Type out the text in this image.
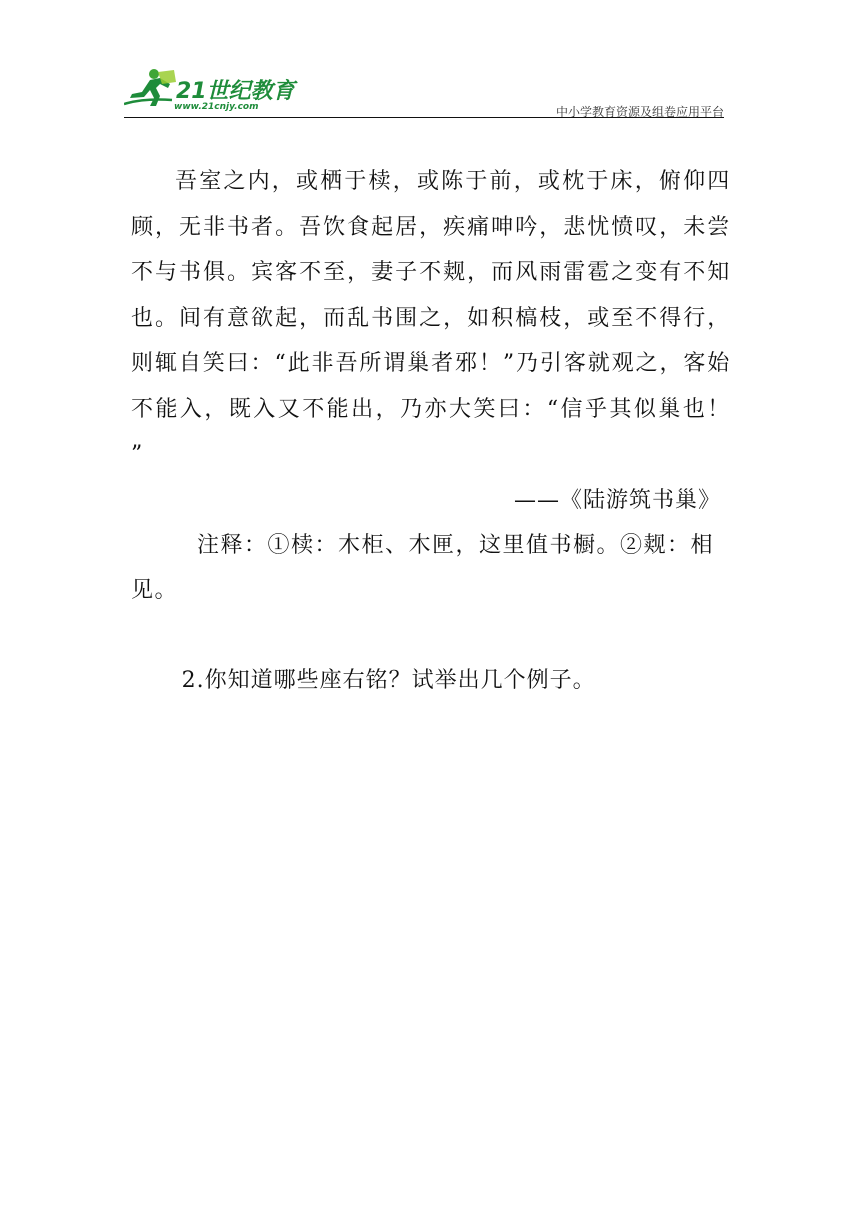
21世纪教育
www.21cnjy.com	中小学教育资源及组卷应用平台

吾室之内，或栖于椟，或陈于前，或枕于床，俯仰四顾，无非书者。吾饮食起居，疾痛呻吟，悲忧愤叹，未尝不与书俱。宾客不至，妻子不觌，而风雨雷雹之变有不知也。间有意欲起，而乱书围之，如积槁枝，或至不得行，则辄自笑曰：“此非吾所谓巢者邪！”乃引客就观之，客始不能入，既入又不能出，乃亦大笑曰：“信乎其似巢也！ ”

——《陆游筑书巢》

注释：①椟：木柜、木匣，这里值书橱。②觌：相见。

2.你知道哪些座右铭？试举出几个例子。
